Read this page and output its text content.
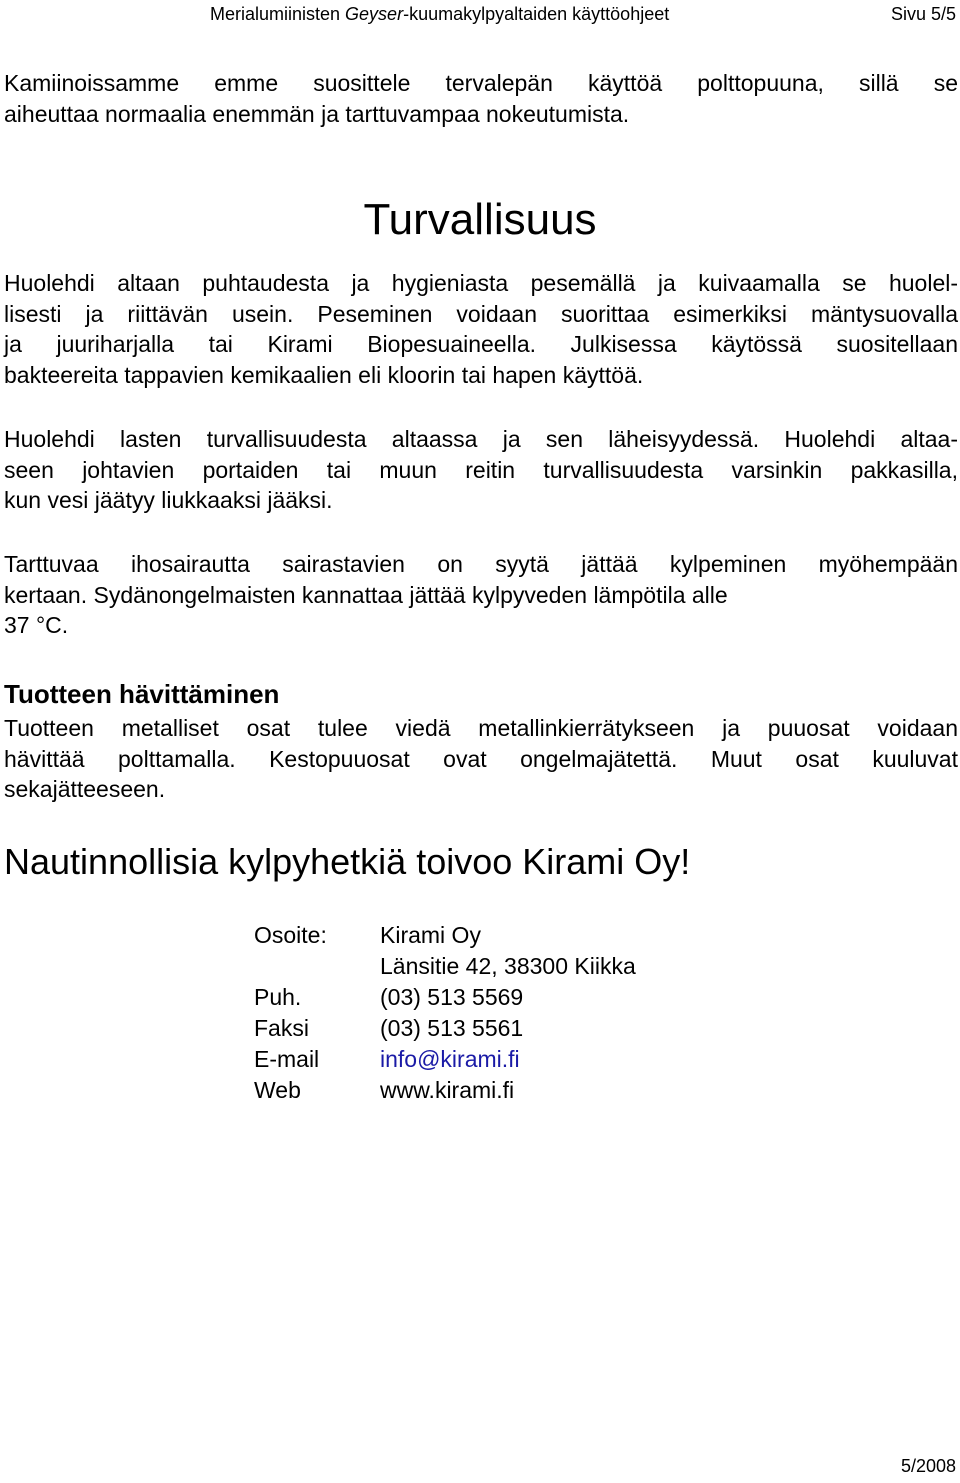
Merialumiinisten Geyser-kuumakylpyaltaiden käyttöohjeet	Sivu 5/5

Kamiinoissamme emme suosittele tervalepän käyttöä polttopuuna, sillä se
aiheuttaa normaalia enemmän ja tarttuvampaa nokeutumista.

Turvallisuus

Huolehdi altaan puhtaudesta ja hygieniasta pesemällä ja kuivaamalla se huolel-
lisesti ja riittävän usein. Peseminen voidaan suorittaa esimerkiksi mäntysuovalla
ja juuriharjalla tai Kirami Biopesuaineella. Julkisessa käytössä suositellaan
bakteereita tappavien kemikaalien eli kloorin tai hapen käyttöä.

Huolehdi lasten turvallisuudesta altaassa ja sen läheisyydessä. Huolehdi altaa-
seen johtavien portaiden tai muun reitin turvallisuudesta varsinkin pakkasilla,
kun vesi jäätyy liukkaaksi jääksi.

Tarttuvaa ihosairautta sairastavien on syytä jättää kylpeminen myöhempään
kertaan. Sydänongelmaisten kannattaa jättää kylpyveden lämpötila alle
37 °C.

Tuotteen hävittäminen

Tuotteen metalliset osat tulee viedä metallinkierrätykseen ja puuosat voidaan
hävittää polttamalla. Kestopuuosat ovat ongelmajätettä. Muut osat kuuluvat
sekajätteeseen.

Nautinnollisia kylpyhetkiä toivoo Kirami Oy!
Osoite: Kirami Oy
Länsitie 42, 38300 Kiikka
Puh.	(03) 513 5569
Faksi	(03) 513 5561
E-mail	info@kirami.fi
Web	www.kirami.fi
5/2008
